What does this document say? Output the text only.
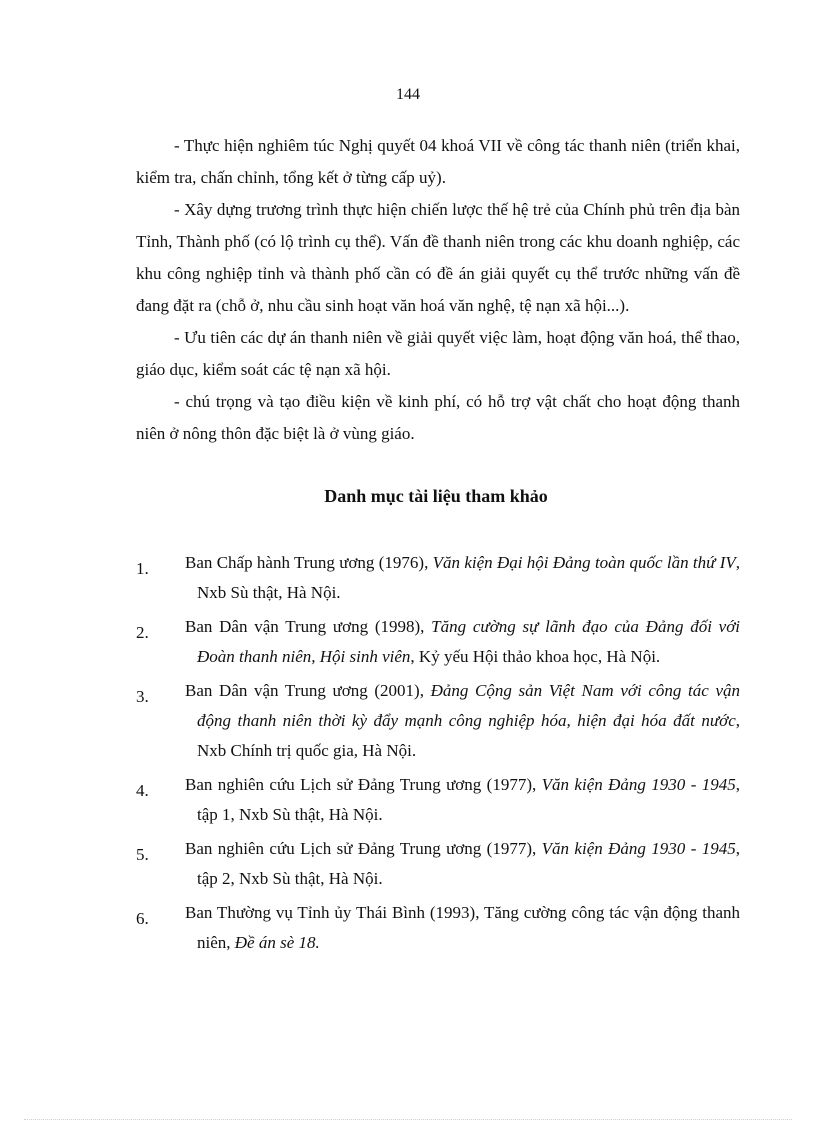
144

- Thực hiện nghiêm túc Nghị quyết 04 khoá VII về công tác thanh niên (triển khai, kiểm tra, chấn chỉnh, tổng kết ở từng cấp uỷ).

- Xây dựng trương trình thực hiện chiến lược thế hệ trẻ của Chính phủ trên địa bàn Tỉnh, Thành phố (có lộ trình cụ thể). Vấn đề thanh niên trong các khu doanh nghiệp, các khu công nghiệp tỉnh và thành phố cần có đề án giải quyết cụ thể trước những vấn đề đang đặt ra (chỗ ở, nhu cầu sinh hoạt văn hoá văn nghệ, tệ nạn xã hội...).

- Ưu tiên các dự án thanh niên về giải quyết việc làm, hoạt động văn hoá, thể thao, giáo dục, kiểm soát các tệ nạn xã hội.

- chú trọng và tạo điều kiện về kinh phí, có hỗ trợ vật chất cho hoạt động thanh niên ở nông thôn đặc biệt là ở vùng giáo.

Danh mục tài liệu tham khảo
1.	Ban Chấp hành Trung ương (1976), Văn kiện Đại hội Đảng toàn quốc lần thứ IV, Nxb Sù thật, Hà Nội.
2.	Ban Dân vận Trung ương (1998), Tăng cường sự lãnh đạo của Đảng đối với Đoàn thanh niên, Hội sinh viên, Kỷ yếu Hội thảo khoa học, Hà Nội.
3.	Ban Dân vận Trung ương (2001), Đảng Cộng sản Việt Nam với công tác vận động thanh niên thời kỳ đẩy mạnh công nghiệp hóa, hiện đại hóa đất nước, Nxb Chính trị quốc gia, Hà Nội.
4.	Ban nghiên cứu Lịch sử Đảng Trung ương (1977), Văn kiện Đảng 1930 - 1945, tập 1, Nxb Sù thật, Hà Nội.
5.	Ban nghiên cứu Lịch sử Đảng Trung ương (1977), Văn kiện Đảng 1930 - 1945, tập 2, Nxb Sù thật, Hà Nội.
6.	Ban Thường vụ Tỉnh ủy Thái Bình (1993), Tăng cường công tác vận động thanh niên, Đề án sè 18.
